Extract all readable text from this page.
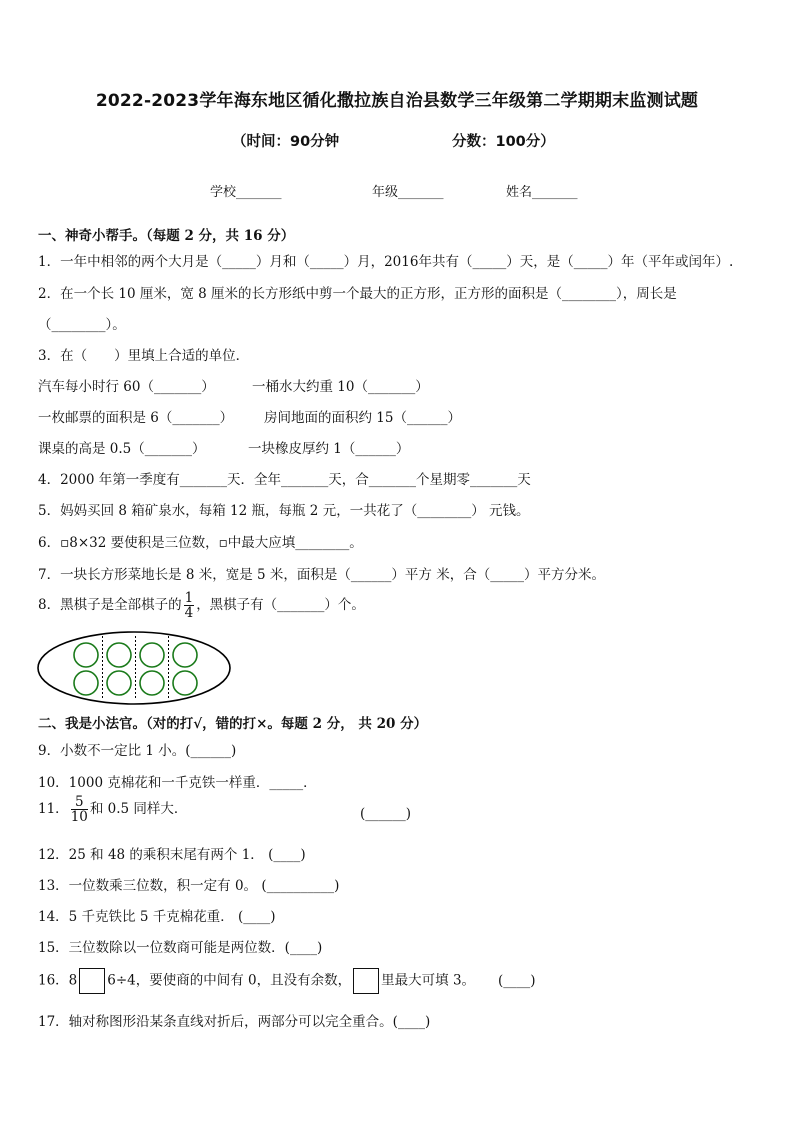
2022-2023学年海东地区循化撒拉族自治县数学三年级第二学期期末监测试题
（时间：90分钟	分数：100分）
学校_______	年级_______	姓名_______
一、神奇小帮手。（每题 2 分，共 16 分）
1．一年中相邻的两个大月是（_____）月和（_____）月，2016年共有（_____）天，是（_____）年（平年或闰年）.
2．在一个长 10 厘米，宽 8 厘米的长方形纸中剪一个最大的正方形，正方形的面积是（________），周长是
（________）。
3．在（　　）里填上合适的单位．
汽车每小时行 60（_______）	一桶水大约重 10（_______）
一枚邮票的面积是 6（_______） 房间地面的面积约 15（______）
课桌的高是 0.5（_______）	一块橡皮厚约 1（______）
4．2000 年第一季度有_______天．全年_______天，合_______个星期零_______天
5．妈妈买回 8 箱矿泉水，每箱 12 瓶，每瓶 2 元，一共花了（________） 元钱。
6．▫8×32 要使积是三位数，▫中最大应填________。
7．一块长方形菜地长是 8 米，宽是 5 米，面积是（______）平方 米，合（_____）平方分米。
8．黑棋子是全部棋子的 $\frac{1}{4}$ ，黑棋子有（_______）个。
二、我是小法官。（对的打√，错的打×。每题 2 分， 共 20 分）
9．小数不一定比 1 小。(______)
10．1000 克棉花和一千克铁一样重．_____．
11． $\frac{5}{10}$ 和 0.5 同样大．	(______)
12．25 和 48 的乘积末尾有两个 1． (____)
13．一位数乘三位数，积一定有 0。 (__________)
14．5 千克铁比 5 千克棉花重． (____)
15．三位数除以一位数商可能是两位数．(____)
16．8 6÷4，要使商的中间有 0，且没有余数， 里最大可填 3。 (____)
17．轴对称图形沿某条直线对折后，两部分可以完全重合。(____)
